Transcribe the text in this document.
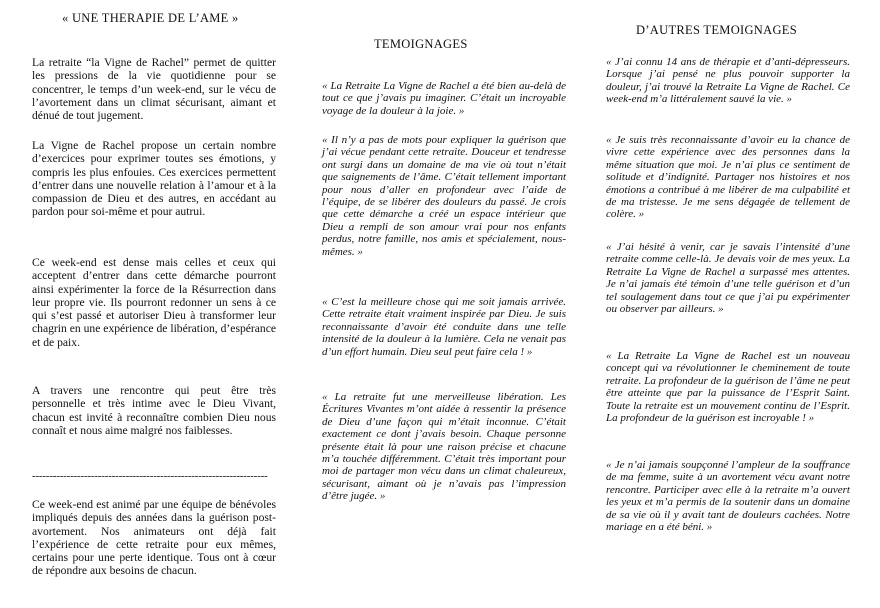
« UNE THERAPIE DE L’AME »

La retraite “la Vigne de Rachel” permet de quitter les pressions de la vie quotidienne pour se concentrer, le temps d’un week-end, sur le vécu de l’avortement dans un climat sécurisant, aimant et dénué de tout jugement.

La Vigne de Rachel propose un certain nombre d’exercices pour exprimer toutes ses émotions, y compris les plus enfouies. Ces exercices permettent d’entrer dans une nouvelle relation à l’amour et à la compassion de Dieu et des autres, en accédant au pardon pour soi-même et pour autrui.

Ce week-end est dense mais celles et ceux qui acceptent d’entrer dans cette démarche pourront ainsi expérimenter la force de la Résurrection dans leur propre vie. Ils pourront redonner un sens à ce qui s’est passé et autoriser Dieu à transformer leur chagrin en une expérience de libération, d’espérance et de paix.

A travers une rencontre qui peut être très personnelle et très intime avec le Dieu Vivant, chacun est invité à reconnaître combien Dieu nous connaît et nous aime malgré nos faiblesses.

--------------------------------------------------------------------

Ce week-end est animé par une équipe de bénévoles impliqués depuis des années dans la guérison post-avortement. Nos animateurs ont déjà fait l’expérience de cette retraite pour eux mêmes, certains pour une perte identique. Tous ont à cœur de répondre aux besoins de chacun.

TEMOIGNAGES

« La Retraite La Vigne de Rachel a été bien au-delà de tout ce que j’avais pu imaginer. C’était un incroyable voyage de la douleur à la joie. »

« Il n’y a pas de mots pour expliquer la guérison que j’ai vécue pendant cette retraite. Douceur et tendresse ont surgi dans un domaine de ma vie où tout n’était que saignements de l’âme. C’était tellement important pour nous d’aller en profondeur avec l’aide de l’équipe, de se libérer des douleurs du passé. Je crois que cette démarche a créé un espace intérieur que Dieu a rempli de son amour vrai pour nos enfants perdus, notre famille, nos amis et spécialement, nous-mêmes. »

« C’est la meilleure chose qui me soit jamais arrivée. Cette retraite était vraiment inspirée par Dieu. Je suis reconnaissante d’avoir été conduite dans une telle intensité de la douleur à la lumière. Cela ne venait pas d’un effort humain. Dieu seul peut faire cela ! »

« La retraite fut une merveilleuse libération. Les Écritures Vivantes m’ont aidée à ressentir la présence de Dieu d’une façon qui m’était inconnue. C’était exactement ce dont j’avais besoin. Chaque personne présente était là pour une raison précise et chacune m’a touchée différemment. C’était très important pour moi de partager mon vécu dans un climat chaleureux, sécurisant, aimant où je n’avais pas l’impression d’être jugée. »

D’AUTRES TEMOIGNAGES

« J’ai connu 14 ans de thérapie et d’anti-dépresseurs. Lorsque j’ai pensé ne plus pouvoir supporter la douleur, j’ai trouvé la Retraite La Vigne de Rachel. Ce week-end m’a littéralement sauvé la vie. »

« Je suis très reconnaissante d’avoir eu la chance de vivre cette expérience avec des personnes dans la même situation que moi. Je n’ai plus ce sentiment de solitude et d’indignité. Partager nos histoires et nos émotions a contribué à me libérer de ma culpabilité et de ma tristesse. Je me sens dégagée de tellement de colère. »

« J’ai hésité à venir, car je savais l’intensité d’une retraite comme celle-là. Je devais voir de mes yeux. La Retraite La Vigne de Rachel a surpassé mes attentes. Je n’ai jamais été témoin d’une telle guérison et d’un tel soulagement dans tout ce que j’ai pu expérimenter ou observer par ailleurs. »

« La Retraite La Vigne de Rachel est un nouveau concept qui va révolutionner le cheminement de toute retraite. La profondeur de la guérison de l’âme ne peut être atteinte que par la puissance de l’Esprit Saint. Toute la retraite est un mouvement continu de l’Esprit. La profondeur de la guérison est incroyable ! »

« Je n’ai jamais soupçonné l’ampleur de la souffrance de ma femme, suite à un avortement vécu avant notre rencontre. Participer avec elle à la retraite m’a ouvert les yeux et m’a permis de la soutenir dans un domaine de sa vie où il y avait tant de douleurs cachées. Notre mariage en a été béni. »
